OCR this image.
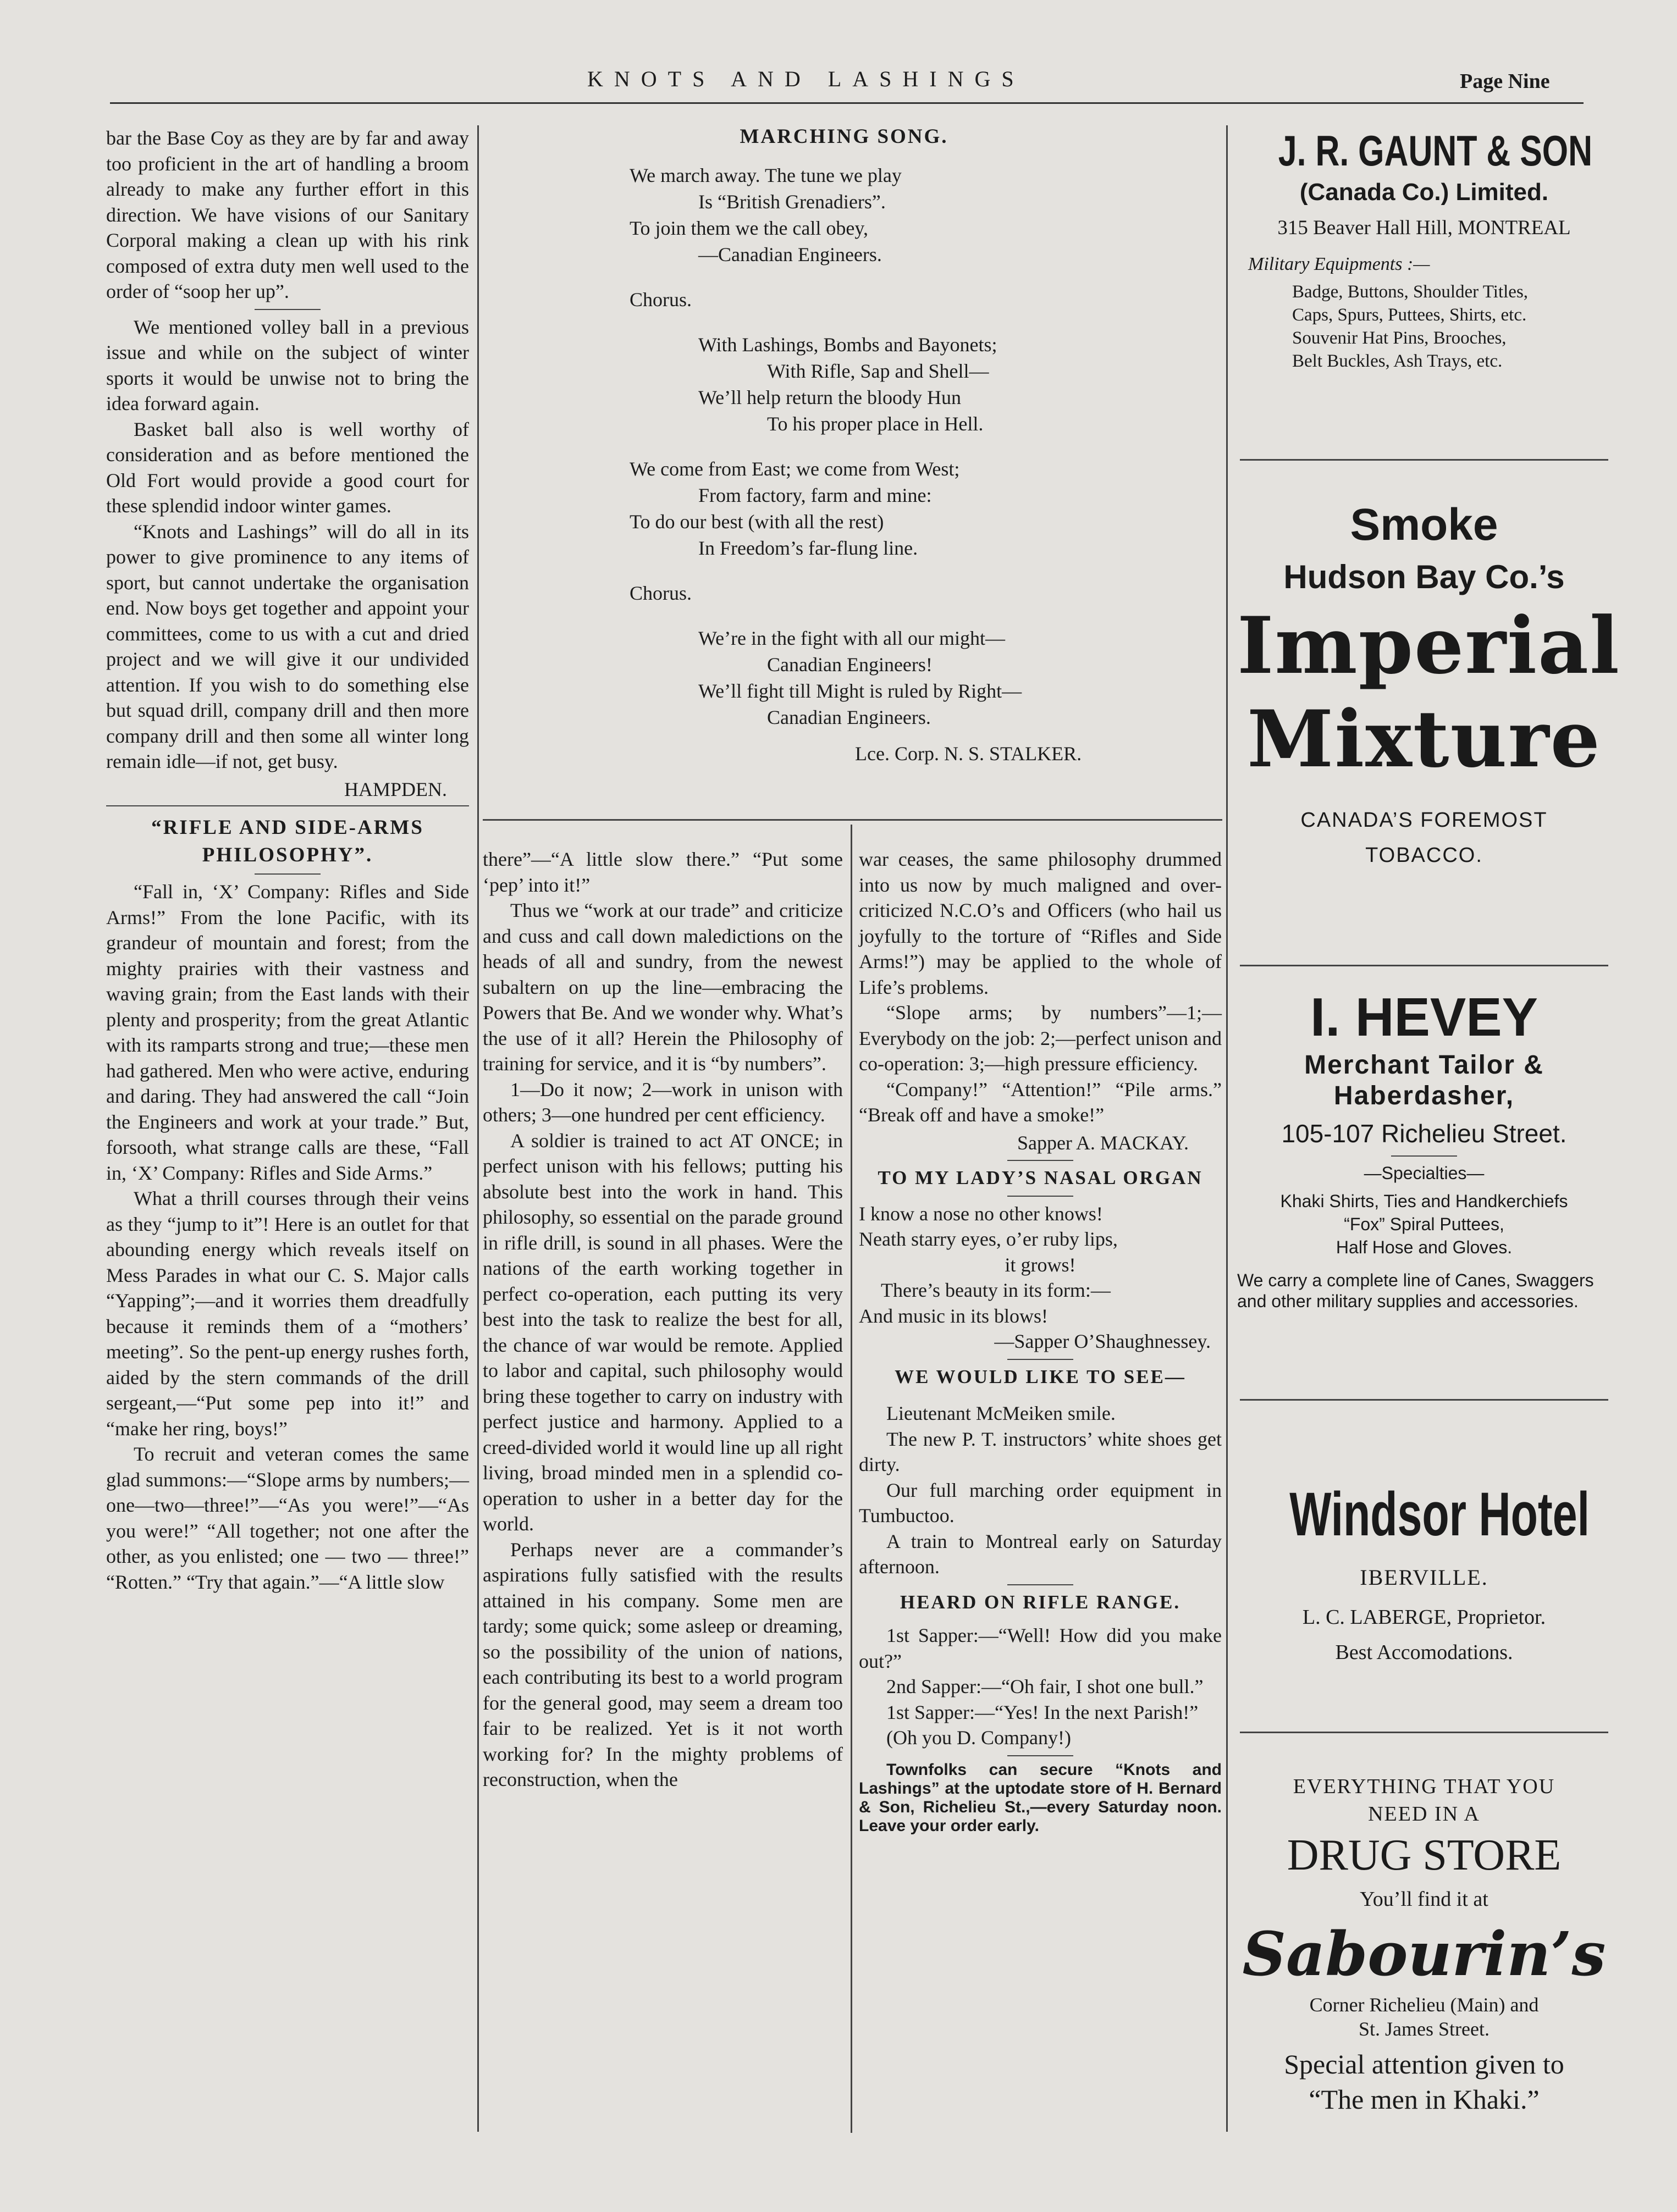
KNOTS AND LASHINGS	Page Nine

bar the Base Coy as they are by far and away too proficient in the art of handling a broom already to make any further effort in this direction. We have visions of our Sanitary Corporal making a clean up with his rink composed of extra duty men well used to the order of “soop her up”.

We mentioned volley ball in a previous issue and while on the subject of winter sports it would be unwise not to bring the idea forward again.

Basket ball also is well worthy of consideration and as before mentioned the Old Fort would provide a good court for these splendid indoor winter games.

“Knots and Lashings” will do all in its power to give prominence to any items of sport, but cannot undertake the organisation end. Now boys get together and appoint your committees, come to us with a cut and dried project and we will give it our undivided attention. If you wish to do something else but squad drill, company drill and then more company drill and then some all winter long remain idle—if not, get busy.

HAMPDEN.
“RIFLE AND SIDE-ARMS PHILOSOPHY”.

“Fall in, ‘X’ Company: Rifles and Side Arms!” From the lone Pacific, with its grandeur of mountain and forest; from the mighty prairies with their vastness and waving grain; from the East lands with their plenty and prosperity; from the great Atlantic with its ramparts strong and true;—these men had gathered. Men who were active, enduring and daring. They had answered the call “Join the Engineers and work at your trade.” But, forsooth, what strange calls are these, “Fall in, ‘X’ Company: Rifles and Side Arms.”

What a thrill courses through their veins as they “jump to it”! Here is an outlet for that abounding energy which reveals itself on Mess Parades in what our C. S. Major calls “Yapping”;—and it worries them dreadfully because it reminds them of a “mothers’ meeting”. So the pent-up energy rushes forth, aided by the stern commands of the drill sergeant,—“Put some pep into it!” and “make her ring, boys!”

To recruit and veteran comes the same glad summons:—“Slope arms by numbers;—one—two—three!”—“As you were!”—“As you were!” “All together; not one after the other, as you enlisted; one — two — three!” “Rotten.” “Try that again.”—“A little slow

MARCHING SONG.
We march away. The tune we play
Is “British Grenadiers”.
To join them we the call obey,
—Canadian Engineers.
Chorus.
With Lashings, Bombs and Bayonets;
With Rifle, Sap and Shell—
We’ll help return the bloody Hun
To his proper place in Hell.
We come from East; we come from West;
From factory, farm and mine:
To do our best (with all the rest)
In Freedom’s far-flung line.
Chorus.
We’re in the fight with all our might—
Canadian Engineers!
We’ll fight till Might is ruled by Right—
Canadian Engineers.
Lce. Corp. N. S. STALKER.

there”—“A little slow there.” “Put some ‘pep’ into it!”

Thus we “work at our trade” and criticize and cuss and call down maledictions on the heads of all and sundry, from the newest subaltern on up the line—embracing the Powers that Be. And we wonder why. What’s the use of it all? Herein the Philosophy of training for service, and it is “by numbers”.

1—Do it now; 2—work in unison with others; 3—one hundred per cent efficiency.

A soldier is trained to act AT ONCE; in perfect unison with his fellows; putting his absolute best into the work in hand. This philosophy, so essential on the parade ground in rifle drill, is sound in all phases. Were the nations of the earth working together in perfect co-operation, each putting its very best into the task to realize the best for all, the chance of war would be remote. Applied to labor and capital, such philosophy would bring these together to carry on industry with perfect justice and harmony. Applied to a creed-divided world it would line up all right living, broad minded men in a splendid co-operation to usher in a better day for the world.

Perhaps never are a commander’s aspirations fully satisfied with the results attained in his company. Some men are tardy; some quick; some asleep or dreaming, so the possibility of the union of nations, each contributing its best to a world program for the general good, may seem a dream too fair to be realized. Yet is it not worth working for? In the mighty problems of reconstruction, when the

war ceases, the same philosophy drummed into us now by much maligned and over-criticized N.C.O’s and Officers (who hail us joyfully to the torture of “Rifles and Side Arms!”) may be applied to the whole of Life’s problems.

“Slope arms; by numbers”—1;—Everybody on the job: 2;—perfect unison and co-operation: 3;—high pressure efficiency.

“Company!” “Attention!” “Pile arms.” “Break off and have a smoke!”

Sapper A. MACKAY.
TO MY LADY’S NASAL ORGAN
I know a nose no other knows!
Neath starry eyes, o’er ruby lips,
it grows!
There’s beauty in its form:—
And music in its blows!
—Sapper O’Shaughnessey.
WE WOULD LIKE TO SEE—

Lieutenant McMeiken smile.

The new P. T. instructors’ white shoes get dirty.

Our full marching order equipment in Tumbuctoo.

A train to Montreal early on Saturday afternoon.

HEARD ON RIFLE RANGE.

1st Sapper:—“Well! How did you make out?”

2nd Sapper:—“Oh fair, I shot one bull.”

1st Sapper:—“Yes! In the next Parish!”

(Oh you D. Company!)

Townfolks can secure “Knots and Lashings” at the uptodate store of H. Bernard & Son, Richelieu St.,—every Saturday noon. Leave your order early.

J. R. GAUNT & SON
(Canada Co.) Limited.
315 Beaver Hall Hill, MONTREAL
Military Equipments :—
Badge, Buttons, Shoulder Titles,
Caps, Spurs, Puttees, Shirts, etc.
Souvenir Hat Pins, Brooches,
Belt Buckles, Ash Trays, etc.
Smoke
Hudson Bay Co.’s
Imperial
Mixture
CANADA’S FOREMOST
TOBACCO.
I. HEVEY
Merchant Tailor &
Haberdasher,
105-107 Richelieu Street.
—Specialties—
Khaki Shirts, Ties and Handkerchiefs
“Fox” Spiral Puttees,
Half Hose and Gloves.
We carry a complete line of Canes, Swaggers and other military supplies and accessories.
Windsor Hotel
IBERVILLE.
L. C. LABERGE, Proprietor.
Best Accomodations.
EVERYTHING THAT YOU
NEED IN A
DRUG STORE
You’ll find it at
Sabourin’s
Corner Richelieu (Main) and
St. James Street.
Special attention given to
“The men in Khaki.”
